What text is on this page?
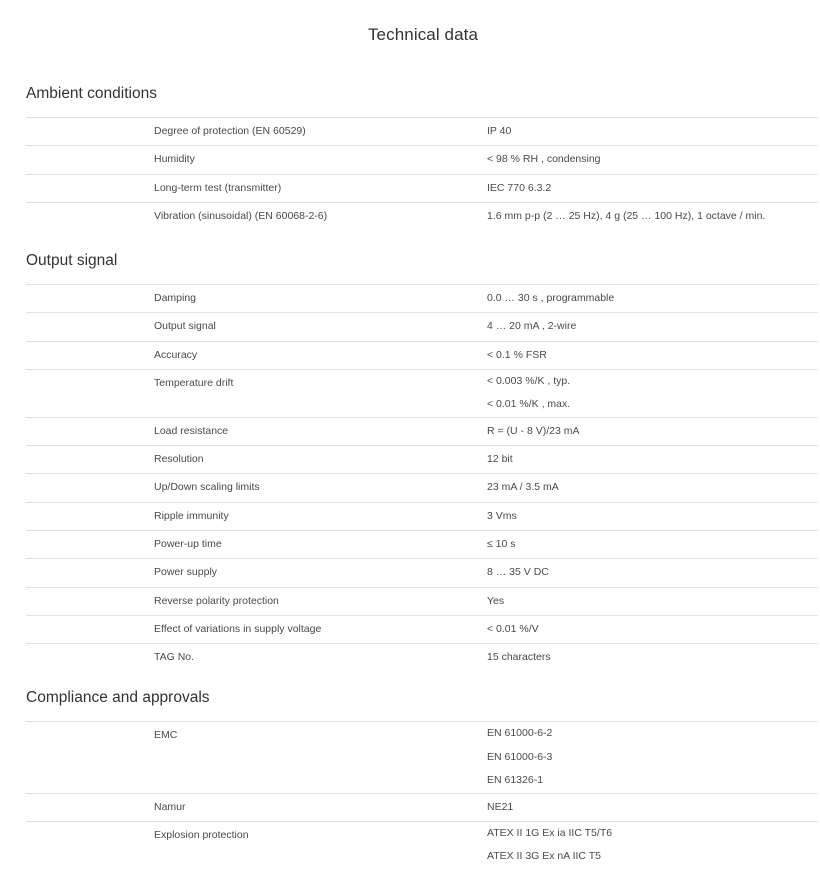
Technical data
Ambient conditions
Degree of protection (EN 60529)	IP 40
Humidity	< 98 % RH , condensing
Long-term test (transmitter)	IEC 770 6.3.2
Vibration (sinusoidal) (EN 60068-2-6)	1.6 mm p-p (2 … 25 Hz), 4 g (25 … 100 Hz), 1 octave / min.
Output signal
Damping	0.0 … 30 s , programmable
Output signal	4 … 20 mA , 2-wire
Accuracy	< 0.1 % FSR
Temperature drift	< 0.003 %/K , typ.
< 0.01 %/K , max.
Load resistance	R = (U - 8 V)/23 mA
Resolution	12 bit
Up/Down scaling limits	23 mA / 3.5 mA
Ripple immunity	3 Vms
Power-up time	≤ 10 s
Power supply	8 … 35 V DC
Reverse polarity protection	Yes
Effect of variations in supply voltage	< 0.01 %/V
TAG No.	15 characters
Compliance and approvals
EMC	EN 61000-6-2
EN 61000-6-3
EN 61326-1
Namur	NE21
Explosion protection	ATEX II 1G Ex ia IIC T5/T6
ATEX II 3G Ex nA IIC T5
